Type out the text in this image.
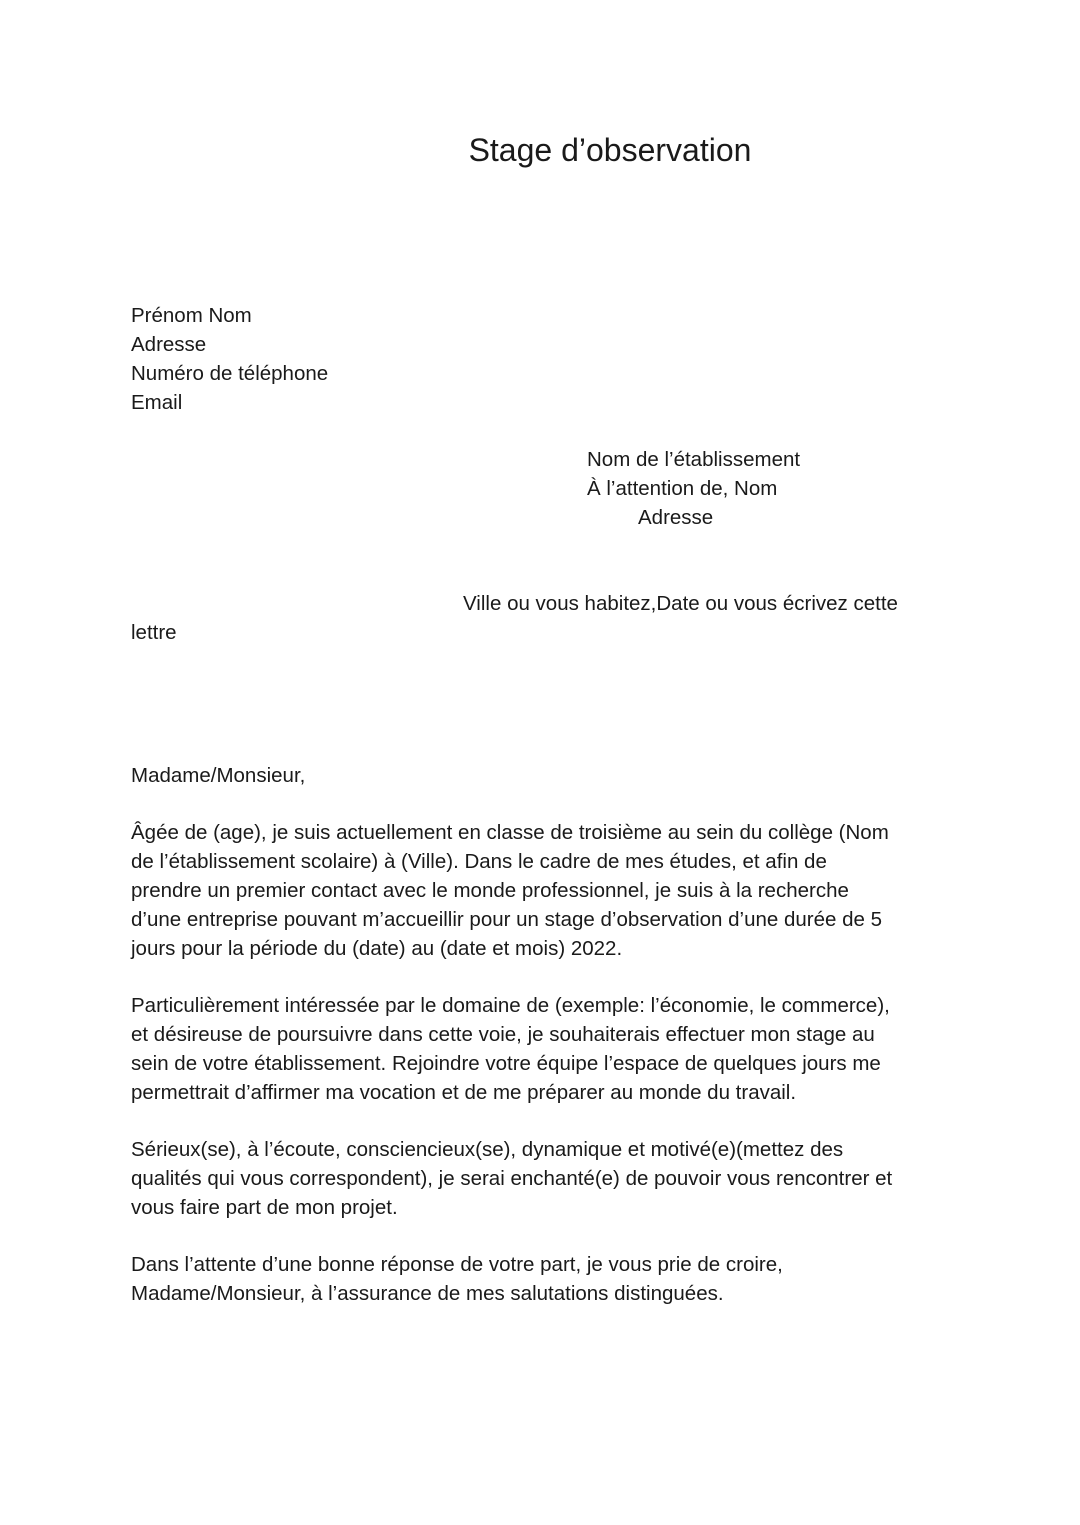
Stage d’observation
Prénom Nom
Adresse
Numéro de téléphone
Email
Nom de l’établissement
À l’attention de, Nom
Adresse
Ville ou vous habitez,Date ou vous écrivez cette
lettre
Madame/Monsieur,
Âgée de (age), je suis actuellement en classe de troisième au sein du collège (Nom
de l’établissement scolaire) à (Ville). Dans le cadre de mes études, et afin de
prendre un premier contact avec le monde professionnel, je suis à la recherche
d’une entreprise pouvant m’accueillir pour un stage d’observation d’une durée de 5
jours pour la période du (date) au (date et mois) 2022.
Particulièrement intéressée par le domaine de (exemple: l’économie, le commerce),
et désireuse de poursuivre dans cette voie, je souhaiterais effectuer mon stage au
sein de votre établissement. Rejoindre votre équipe l’espace de quelques jours me
permettrait d’affirmer ma vocation et de me préparer au monde du travail.
Sérieux(se), à l’écoute, consciencieux(se), dynamique et motivé(e)(mettez des
qualités qui vous correspondent), je serai enchanté(e) de pouvoir vous rencontrer et
vous faire part de mon projet.
Dans l’attente d’une bonne réponse de votre part, je vous prie de croire,
Madame/Monsieur, à l’assurance de mes salutations distinguées.
